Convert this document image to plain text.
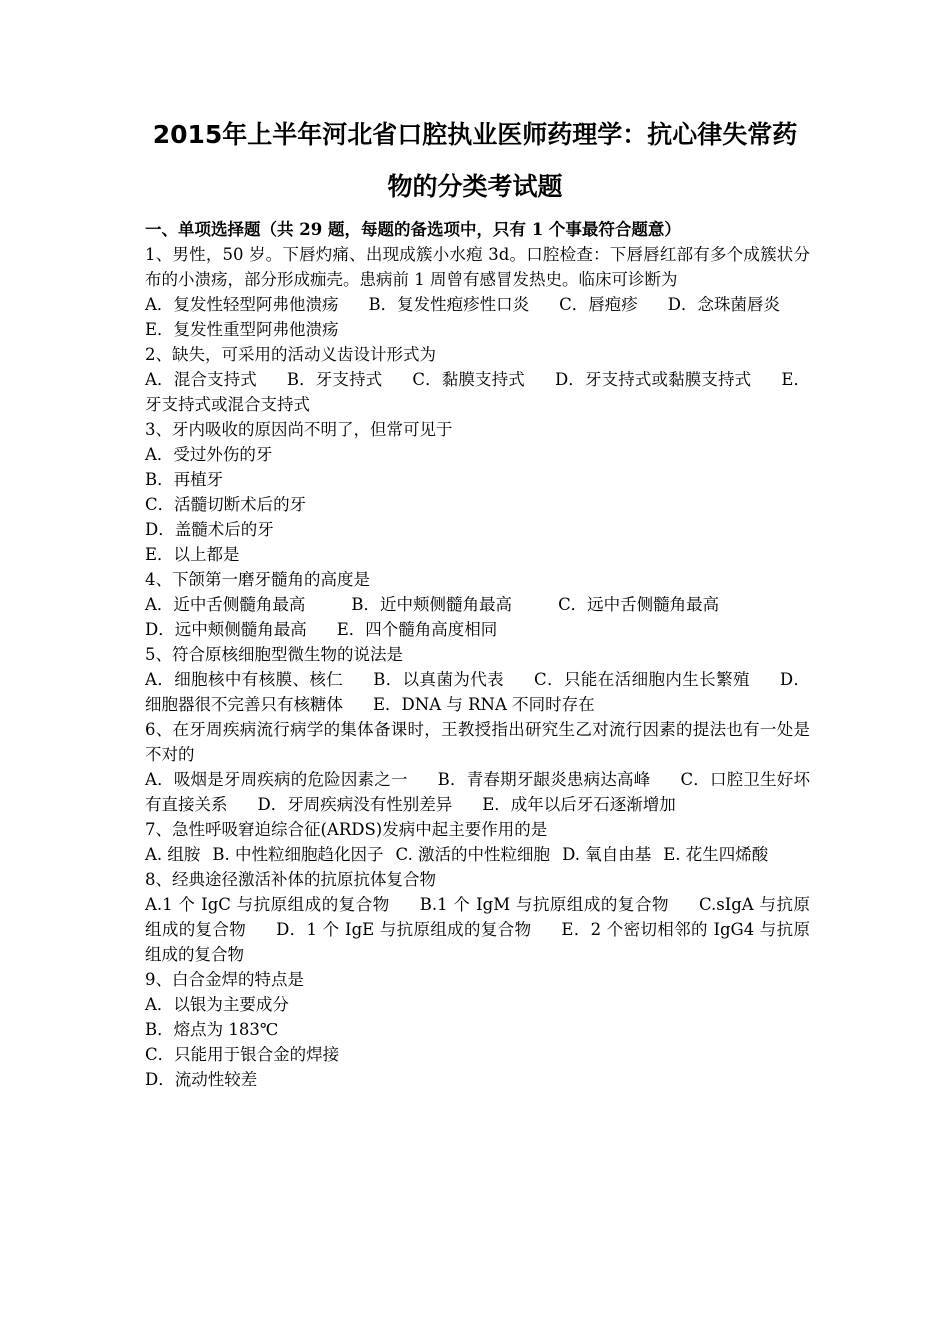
2015年上半年河北省口腔执业医师药理学：抗心律失常药
物的分类考试题

一、单项选择题（共 29 题，每题的备选项中，只有 1 个事最符合题意）

1、男性，50 岁。下唇灼痛、出现成簇小水疱 3d。口腔检查：下唇唇红部有多个成簇状分布的小溃疡，部分形成痂壳。患病前 1 周曾有感冒发热史。临床可诊断为

A．复发性轻型阿弗他溃疡 B．复发性疱疹性口炎 C．唇疱疹 D．念珠菌唇炎E．复发性重型阿弗他溃疡

2、缺失，可采用的活动义齿设计形式为

A．混合支持式 B．牙支持式 C．黏膜支持式 D．牙支持式或黏膜支持式 E．牙支持式或混合支持式

3、牙内吸收的原因尚不明了，但常可见于

A．受过外伤的牙

B．再植牙

C．活髓切断术后的牙

D．盖髓术后的牙

E．以上都是

4、下颌第一磨牙髓角的高度是

A．近中舌侧髓角最高	B．近中颊侧髓角最高	C．远中舌侧髓角最高

D．远中颊侧髓角最高 E．四个髓角高度相同

5、符合原核细胞型微生物的说法是

A．细胞核中有核膜、核仁 B．以真菌为代表 C．只能在活细胞内生长繁殖 D．细胞器很不完善只有核糖体 E．DNA 与 RNA 不同时存在

6、在牙周疾病流行病学的集体备课时，王教授指出研究生乙对流行因素的提法也有一处是不对的

A．吸烟是牙周疾病的危险因素之一 B．青春期牙龈炎患病达高峰 C．口腔卫生好坏有直接关系 D．牙周疾病没有性别差异 E．成年以后牙石逐渐增加

7、急性呼吸窘迫综合征(ARDS)发病中起主要作用的是

A. 组胺 B. 中性粒细胞趋化因子 C. 激活的中性粒细胞 D. 氧自由基 E. 花生四烯酸

8、经典途径激活补体的抗原抗体复合物

A.1 个 IgC 与抗原组成的复合物 B.1 个 IgM 与抗原组成的复合物 C.sIgA 与抗原组成的复合物 D．1 个 IgE 与抗原组成的复合物 E．2 个密切相邻的 IgG4 与抗原组成的复合物

9、白合金焊的特点是

A．以银为主要成分

B．熔点为 183℃

C．只能用于银合金的焊接

D．流动性较差
